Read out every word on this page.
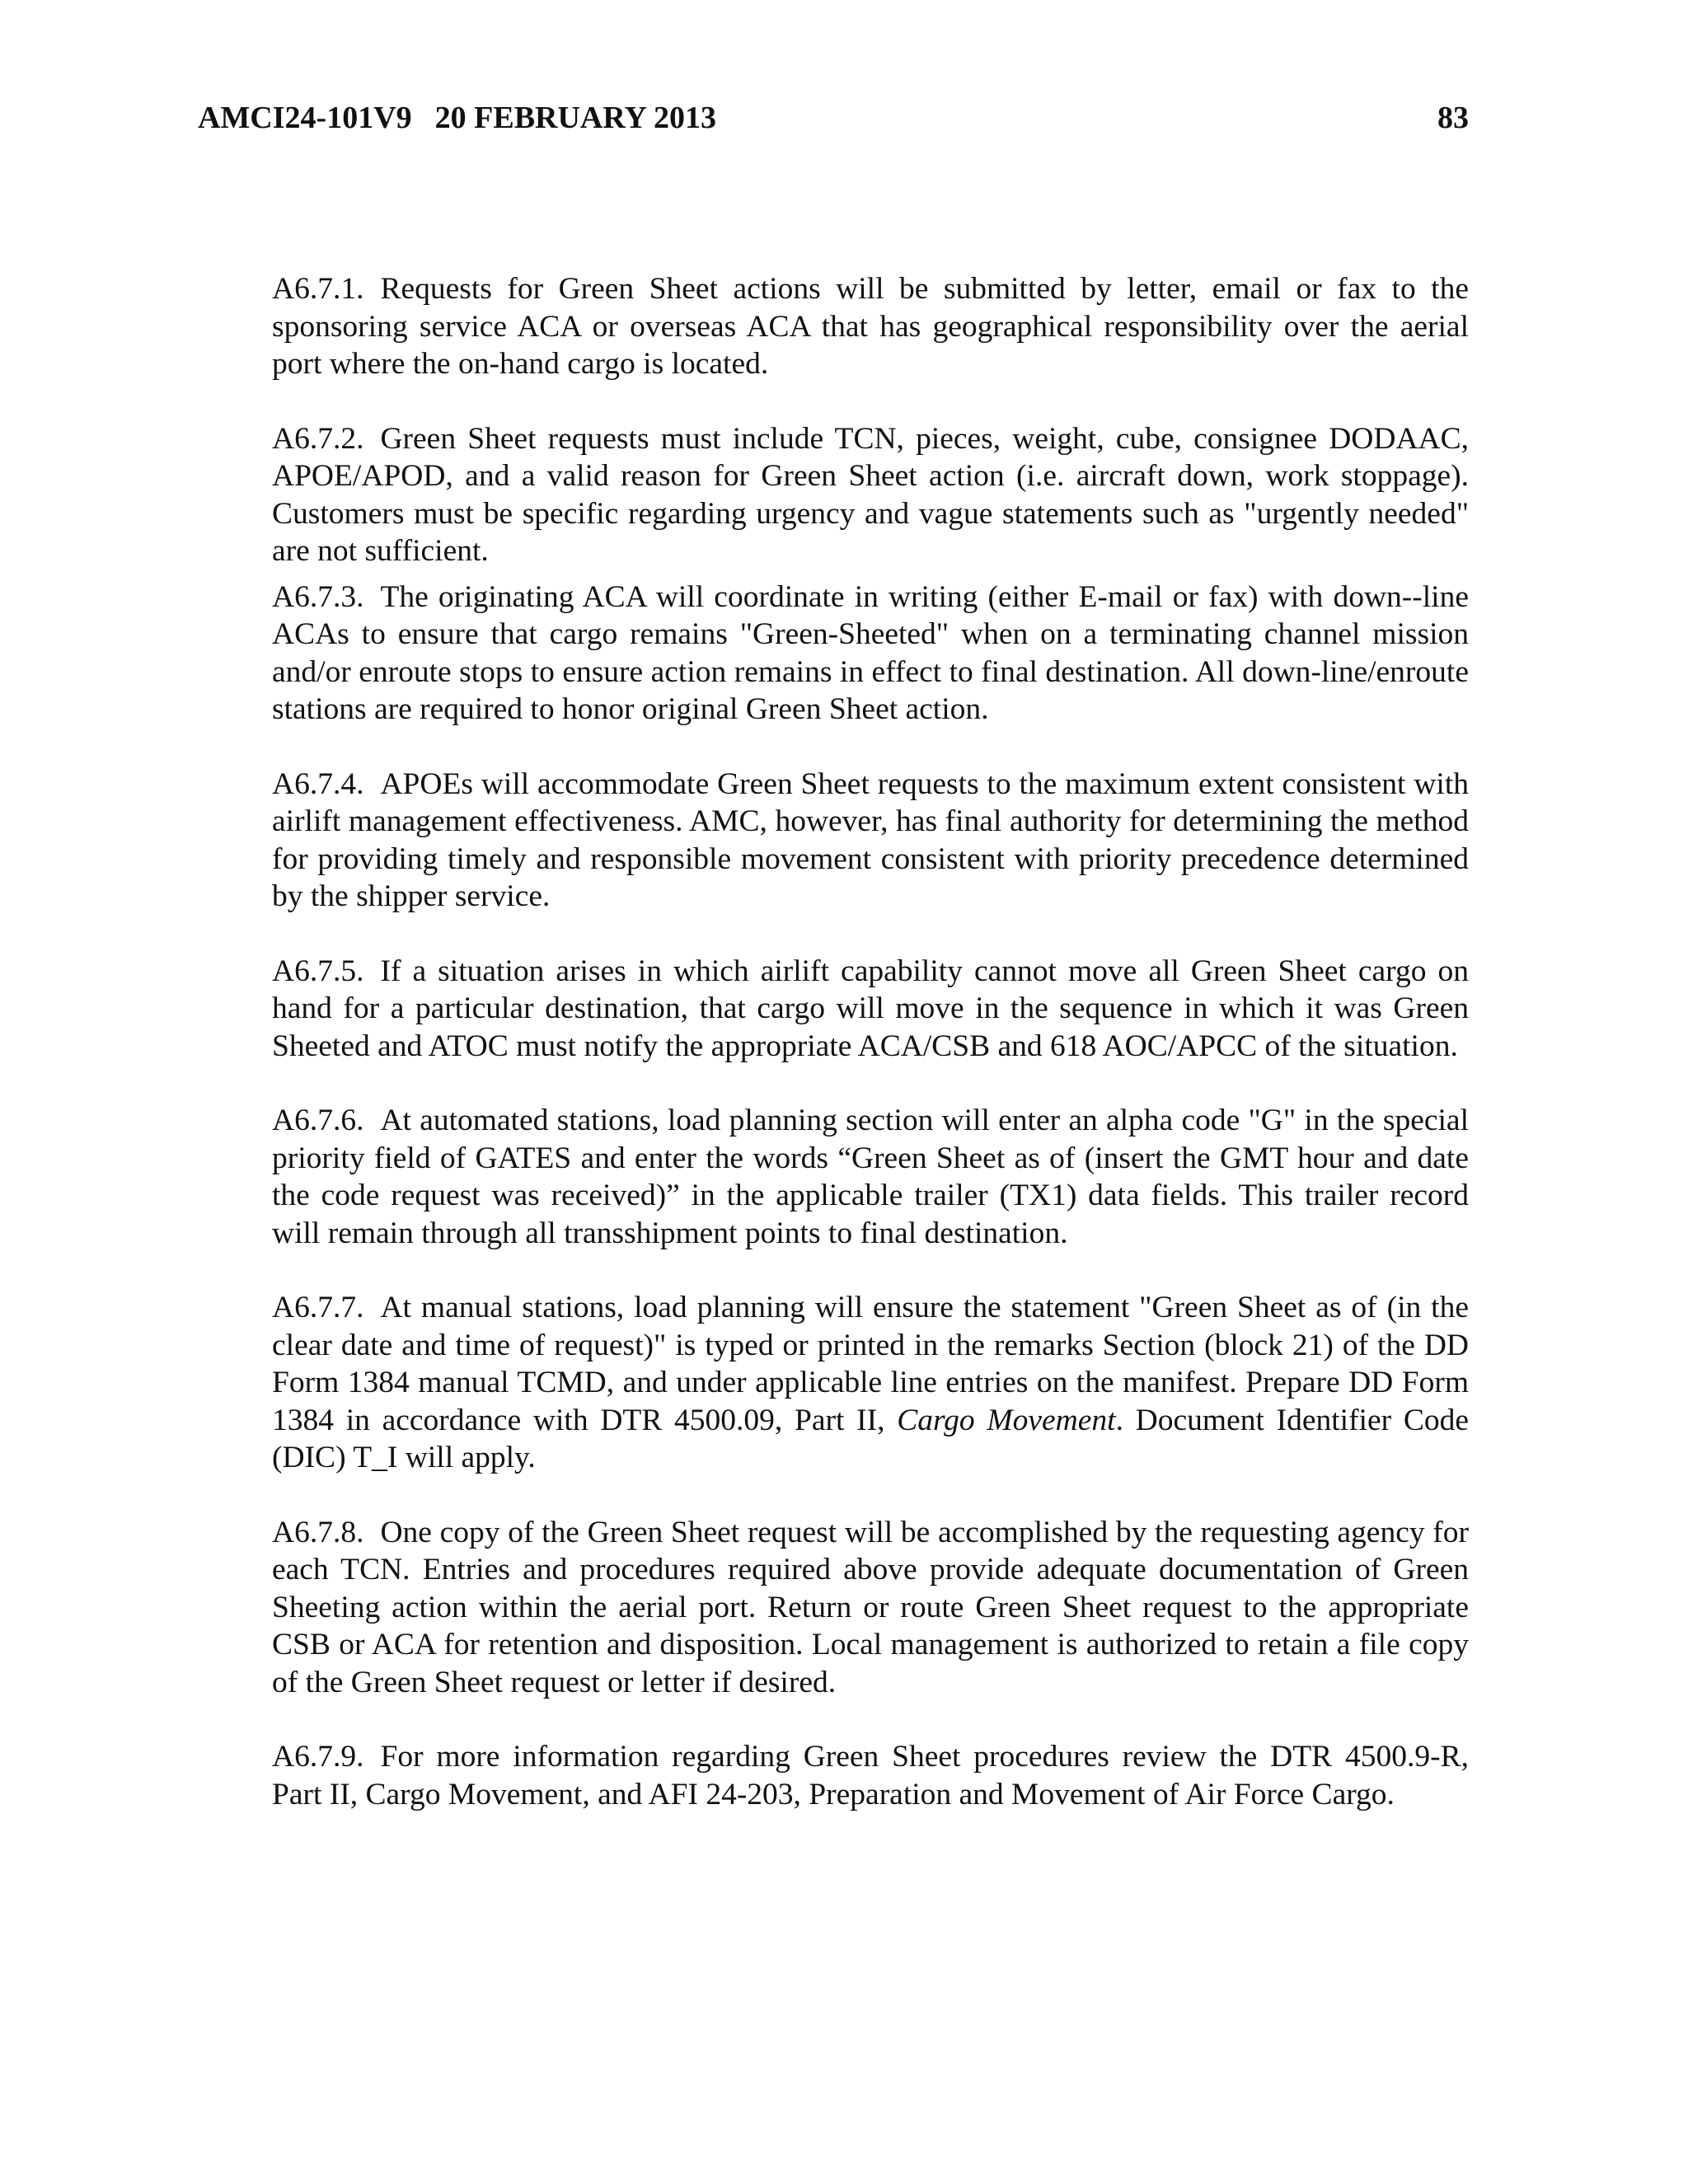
AMCI24-101V9 20 FEBRUARY 2013	83

A6.7.1. Requests for Green Sheet actions will be submitted by letter, email or fax to the sponsoring service ACA or overseas ACA that has geographical responsibility over the aerial port where the on-hand cargo is located.

A6.7.2. Green Sheet requests must include TCN, pieces, weight, cube, consignee DODAAC, APOE/APOD, and a valid reason for Green Sheet action (i.e. aircraft down, work stoppage). Customers must be specific regarding urgency and vague statements such as "urgently needed" are not sufficient.

A6.7.3. The originating ACA will coordinate in writing (either E-mail or fax) with down--line ACAs to ensure that cargo remains "Green-Sheeted" when on a terminating channel mission and/or enroute stops to ensure action remains in effect to final destination. All down-line/enroute stations are required to honor original Green Sheet action.

A6.7.4. APOEs will accommodate Green Sheet requests to the maximum extent consistent with airlift management effectiveness. AMC, however, has final authority for determining the method for providing timely and responsible movement consistent with priority precedence determined by the shipper service.

A6.7.5. If a situation arises in which airlift capability cannot move all Green Sheet cargo on hand for a particular destination, that cargo will move in the sequence in which it was Green Sheeted and ATOC must notify the appropriate ACA/CSB and 618 AOC/APCC of the situation.

A6.7.6. At automated stations, load planning section will enter an alpha code "G" in the special priority field of GATES and enter the words “Green Sheet as of (insert the GMT hour and date the code request was received)” in the applicable trailer (TX1) data fields. This trailer record will remain through all transshipment points to final destination.

A6.7.7. At manual stations, load planning will ensure the statement "Green Sheet as of (in the clear date and time of request)" is typed or printed in the remarks Section (block 21) of the DD Form 1384 manual TCMD, and under applicable line entries on the manifest. Prepare DD Form 1384 in accordance with DTR 4500.09, Part II, Cargo Movement. Document Identifier Code (DIC) T_I will apply.

A6.7.8. One copy of the Green Sheet request will be accomplished by the requesting agency for each TCN. Entries and procedures required above provide adequate documentation of Green Sheeting action within the aerial port. Return or route Green Sheet request to the appropriate CSB or ACA for retention and disposition. Local management is authorized to retain a file copy of the Green Sheet request or letter if desired.

A6.7.9. For more information regarding Green Sheet procedures review the DTR 4500.9-R, Part II, Cargo Movement, and AFI 24-203, Preparation and Movement of Air Force Cargo.
